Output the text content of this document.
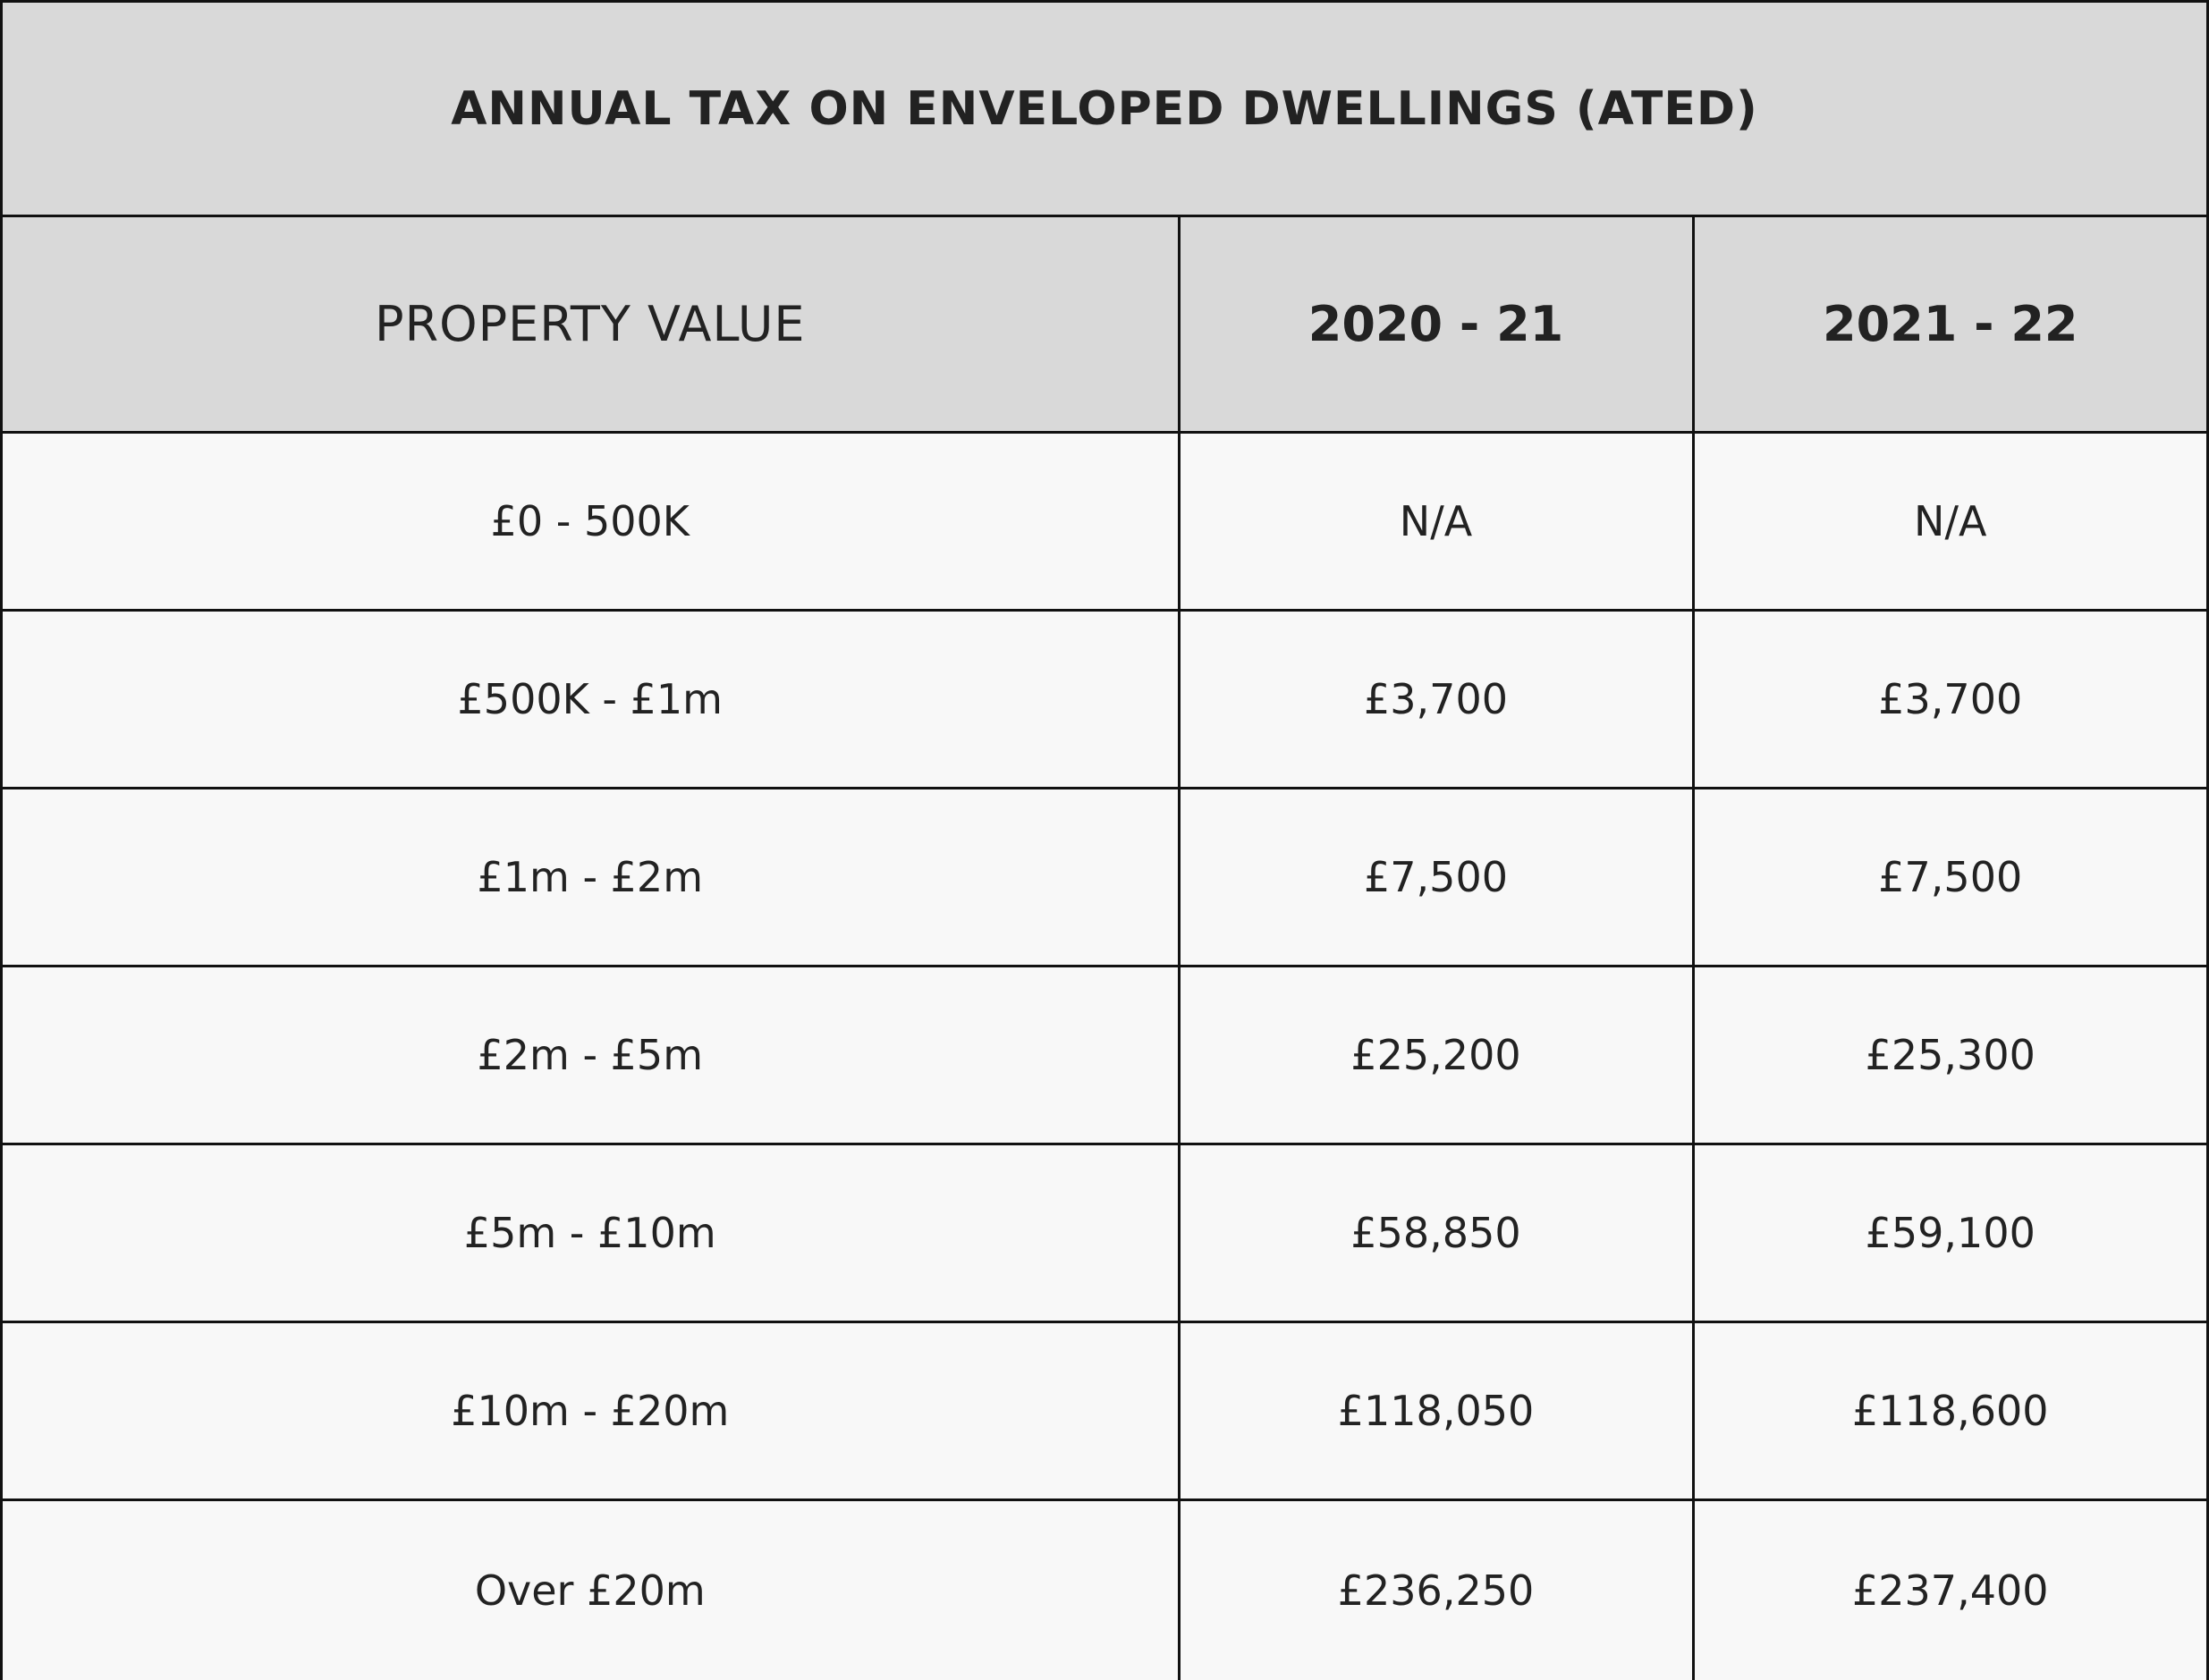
ANNUAL TAX ON ENVELOPED DWELLINGS (ATED)
PROPERTY VALUE	2020 - 21	2021 - 22
£0 - 500K	N/A	N/A
£500K - £1m	£3,700	£3,700
£1m - £2m	£7,500	£7,500
£2m - £5m	£25,200	£25,300
£5m - £10m	£58,850	£59,100
£10m - £20m	£118,050	£118,600
Over £20m	£236,250	£237,400
